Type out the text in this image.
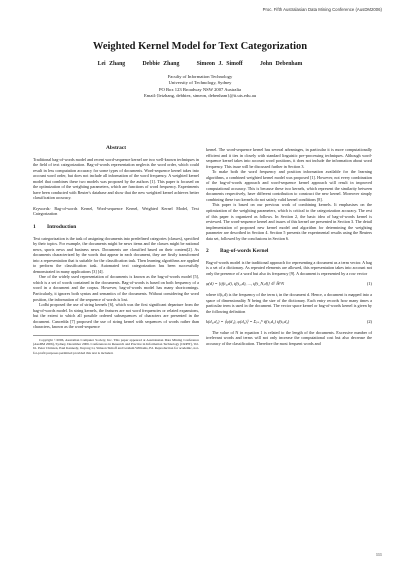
Proc. Fifth Australasian Data Mining Conference (AusDM2006)
Weighted Kernel Model for Text Categorization
Lei Zhang	Debbie Zhang	Simeon J. Simoff	John Debenham
Faculty of Information Technology
University of Technology, Sydney
PO Box 123 Broadway NSW 2007 Australia
Email:{leizhang, debbiez, simeon, debenham}@it.uts.edu.au
Abstract

Traditional bag-of-words model and recent word-sequence kernel are two well-known techniques in the field of text categorization. Bag-of-words representation neglects the word order, which could result in less computation accuracy for some types of documents. Word-sequence kernel takes into account word order, but does not include all information of the word frequency. A weighted kernel model that combines these two models was proposed by the authors [1]. This paper is focused on the optimization of the weighting parameters, which are functions of word frequency. Experiments have been conducted with Reuter's database and show that the new weighted kernel achieves better classification accuracy.

Keywords: Bag-of-words Kernel, Word-sequence Kernel, Weighted Kernel Model, Text Categorization

1 Introduction

Text categorization is the task of assigning documents into predefined categories (classes), specified by their topics. For example, the documents might be news items and the classes might be national news, sports news and business news. Documents are classified based on their content[2]. As documents characterized by the words that appear in each document, they are firstly transformed into a representation that is suitable for the classification task. Then learning algorithms are applied to perform the classification task. Automated text categorization has been successfully demonstrated in many applications [3] [4].

One of the widely used representation of documents is known as the bag-of-words model [5], which is a set of words contained in the documents. Bag-of-words is based on both frequency of a word in a document and the corpus. However, bag-of-words model has many shortcomings. Particularly, it ignores both syntax and semantics of the documents. Without considering the word position, the information of the sequence of words is lost.

Lodhi proposed the use of string kernels [6], which was the first significant departure from the bag-of-words model. In string kernels, the features are not word frequencies or related expansions, but the extent to which all possible ordered subsequences of characters are presented in the document. Cancedda [7] proposed the use of string kernel with sequences of words rather than characters, known as the word-sequence

Copyright ©2006, Australian Computer Society, Inc. This paper appeared at Australasian Data Mining Conference (AusDM 2006), Sydney, December 2006. Conferences in Research and Practice in Information Technology (CRPIT), Vol. 61. Peter Christen, Paul Kennedy, Jiuyong Li, Simeon Simoff and Graham Williams, Ed. Reproduction for academic, not-for-profit purposes permitted provided this text is included.

kernel. The word-sequence kernel has several advantages, in particular it is more computationally efficient and it ties in closely with standard linguistic pre-processing techniques. Although word-sequence kernel takes into account word positions, it does not include the information about word frequency. This issue will be discussed further in Section 3.

To make both the word frequency and position information available for the learning algorithms, a combined weighted kernel model was proposed [1]. However, not every combination of the bag-of-words approach and word-sequence kernel approach will result in improved computational accuracy. This is because these two kernels, which represent the similarity between documents respectively, have different contribution to construct the new kernel. Moreover simply combining these two kernels do not satisfy valid kernel conditions [8].

This paper is based on our previous work of combining kernels. It emphasises on the optimization of the weighting parameters, which is critical to the categorization accuracy. The rest of this paper is organized as follows. In Section 2, the basic idea of bag-of-words kernel is reviewed. The word-sequence kernel and issues of this kernel are presented in Section 3. The detail implementation of proposed new kernel model and algorithm for determining the weighting parameter are described in Section 4. Section 5 presents the experimental results using the Reuters data set, followed by the conclusions in Section 6.

2 Bag-of-words Kernel

Bag-of-words model is the traditional approach for representing a document as a term vector. A bag is a set of a dictionary. As repeated elements are allowed, this representation takes into account not only the presence of a word but also its frequency [9]. A document is represented by a row vector

φ(d) = [tf(t₁,d), tf(t₂,d), ..., tf(t_N,d)] ∈ ℝ^N	(1)

where tf(tᵢ,d) is the frequency of the term tᵢ in the document d. Hence, a document is mapped into a space of dimensionality N being the size of the dictionary. Each entry records how many times a particular term is used in the document. The vector space kernel or bag-of-words kernel is given by the following definition

k(d₁,d₂) = ⟨φ(d₁), φ(d₂)⟩ = Σⱼ₌₁ᴺ tf(tⱼ,d₁) tf(tⱼ,d₂)	(2)

The value of N in equation 1 is related to the length of the documents. Excessive number of irrelevant words and terms will not only increase the computational cost but also decrease the accuracy of the classification. Therefore the most frequent words and

111
